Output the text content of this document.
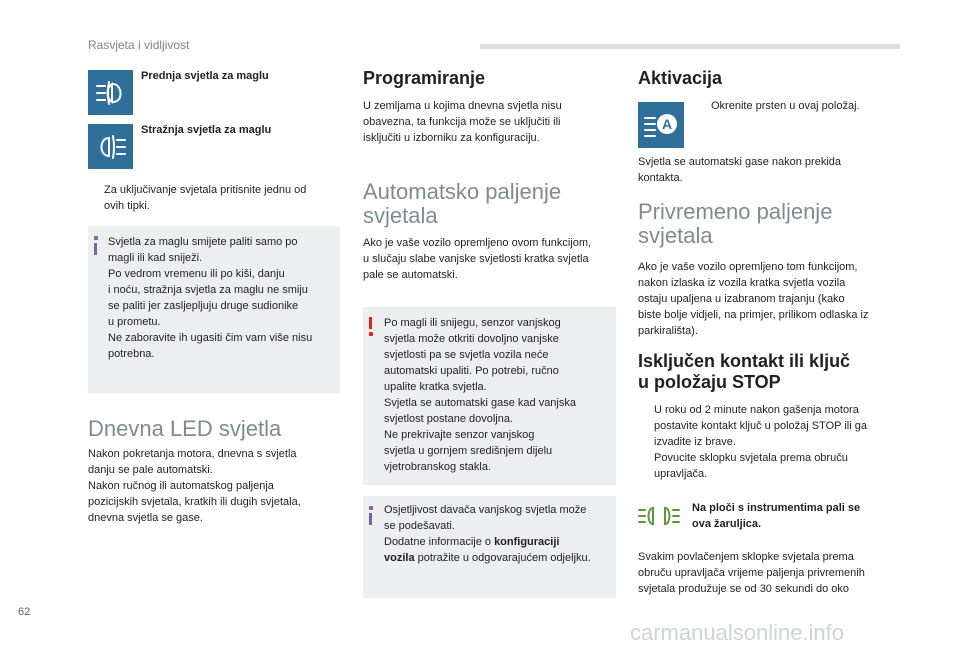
Rasvjeta i vidljivost
Prednja svjetla za maglu
Stražnja svjetla za maglu
Za uključivanje svjetala pritisnite jednu od
ovih tipki.
Svjetla za maglu smijete paliti samo po
magli ili kad sniježi.
Po vedrom vremenu ili po kiši, danju
i noću, stražnja svjetla za maglu ne smiju
se paliti jer zasljepljuju druge sudionike
u prometu.
Ne zaboravite ih ugasiti čim vam više nisu
potrebna.
Dnevna LED svjetla
Nakon pokretanja motora, dnevna s svjetla
danju se pale automatski.
Nakon ručnog ili automatskog paljenja
pozicijskih svjetala, kratkih ili dugih svjetala,
dnevna svjetla se gase.
Programiranje
U zemljama u kojima dnevna svjetla nisu
obavezna, ta funkcija može se uključiti ili
isključiti u izborniku za konfiguraciju.
Automatsko paljenje
svjetala
Ako je vaše vozilo opremljeno ovom funkcijom,
u slučaju slabe vanjske svjetlosti kratka svjetla
pale se automatski.
Po magli ili snijegu, senzor vanjskog
svjetla može otkriti dovoljno vanjske
svjetlosti pa se svjetla vozila neće
automatski upaliti. Po potrebi, ručno
upalite kratka svjetla.
Svjetla se automatski gase kad vanjska
svjetlost postane dovoljna.
Ne prekrivajte senzor vanjskog
svjetla u gornjem središnjem dijelu
vjetrobranskog stakla.
Osjetljivost davača vanjskog svjetla može
se podešavati.
Dodatne informacije o konfiguraciji
vozila potražite u odgovarajućem odjeljku.
Aktivacija
A
Okrenite prsten u ovaj položaj.
Svjetla se automatski gase nakon prekida
kontakta.
Privremeno paljenje
svjetala
Ako je vaše vozilo opremljeno tom funkcijom,
nakon izlaska iz vozila kratka svjetla vozila
ostaju upaljena u izabranom trajanju (kako
biste bolje vidjeli, na primjer, prilikom odlaska iz
parkirališta).
Isključen kontakt ili ključ
u položaju STOP
U roku od 2 minute nakon gašenja motora
postavite kontakt ključ u položaj STOP ili ga
izvadite iz brave.
Povucite sklopku svjetala prema obruču
upravljača.
Na ploči s instrumentima pali se
ova žaruljica.
Svakim povlačenjem sklopke svjetala prema
obruču upravljača vrijeme paljenja privremenih
svjetala produžuje se od 30 sekundi do oko
62
carmanualsonline.info
